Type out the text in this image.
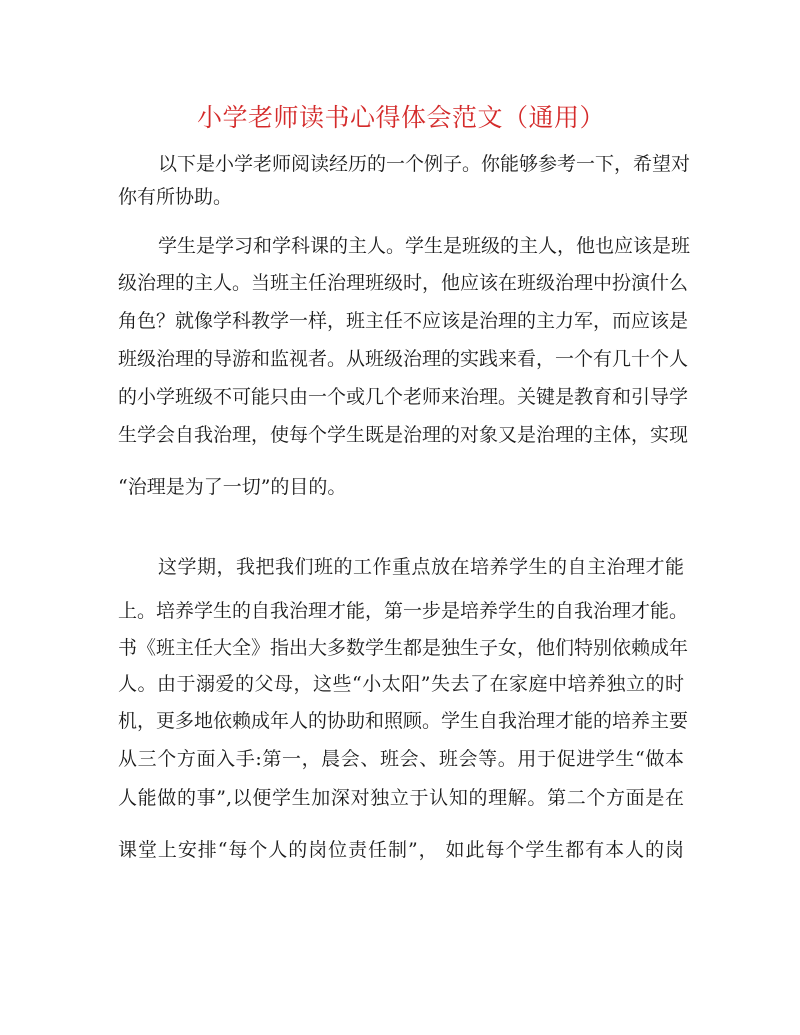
小学老师读书心得体会范文（通用）
以下是小学老师阅读经历的一个例子。你能够参考一下，希望对
你有所协助。
学生是学习和学科课的主人。学生是班级的主人，他也应该是班
级治理的主人。当班主任治理班级时，他应该在班级治理中扮演什么
角色？就像学科教学一样，班主任不应该是治理的主力军，而应该是
班级治理的导游和监视者。从班级治理的实践来看，一个有几十个人
的小学班级不可能只由一个或几个老师来治理。关键是教育和引导学
生学会自我治理，使每个学生既是治理的对象又是治理的主体，实现
“治理是为了一切”的目的。
这学期，我把我们班的工作重点放在培养学生的自主治理才能
上。培养学生的自我治理才能，第一步是培养学生的自我治理才能。
书《班主任大全》指出大多数学生都是独生子女，他们特别依赖成年
人。由于溺爱的父母，这些“小太阳”失去了在家庭中培养独立的时
机，更多地依赖成年人的协助和照顾。学生自我治理才能的培养主要
从三个方面入手:第一，晨会、班会、班会等。用于促进学生“做本
人能做的事”,以便学生加深对独立于认知的理解。第二个方面是在
课堂上安排“每个人的岗位责任制”， 如此每个学生都有本人的岗
